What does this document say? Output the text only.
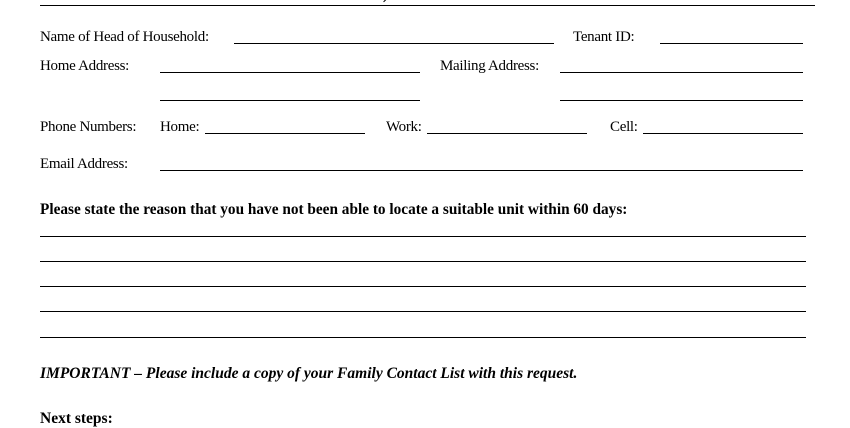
Name of Head of Household:	Tenant ID:
Home Address:	Mailing Address:
Phone Numbers: Home:	Work:	Cell:
Email Address:
Please state the reason that you have not been able to locate a suitable unit within 60 days:
IMPORTANT – Please include a copy of your Family Contact List with this request.
Next steps:
